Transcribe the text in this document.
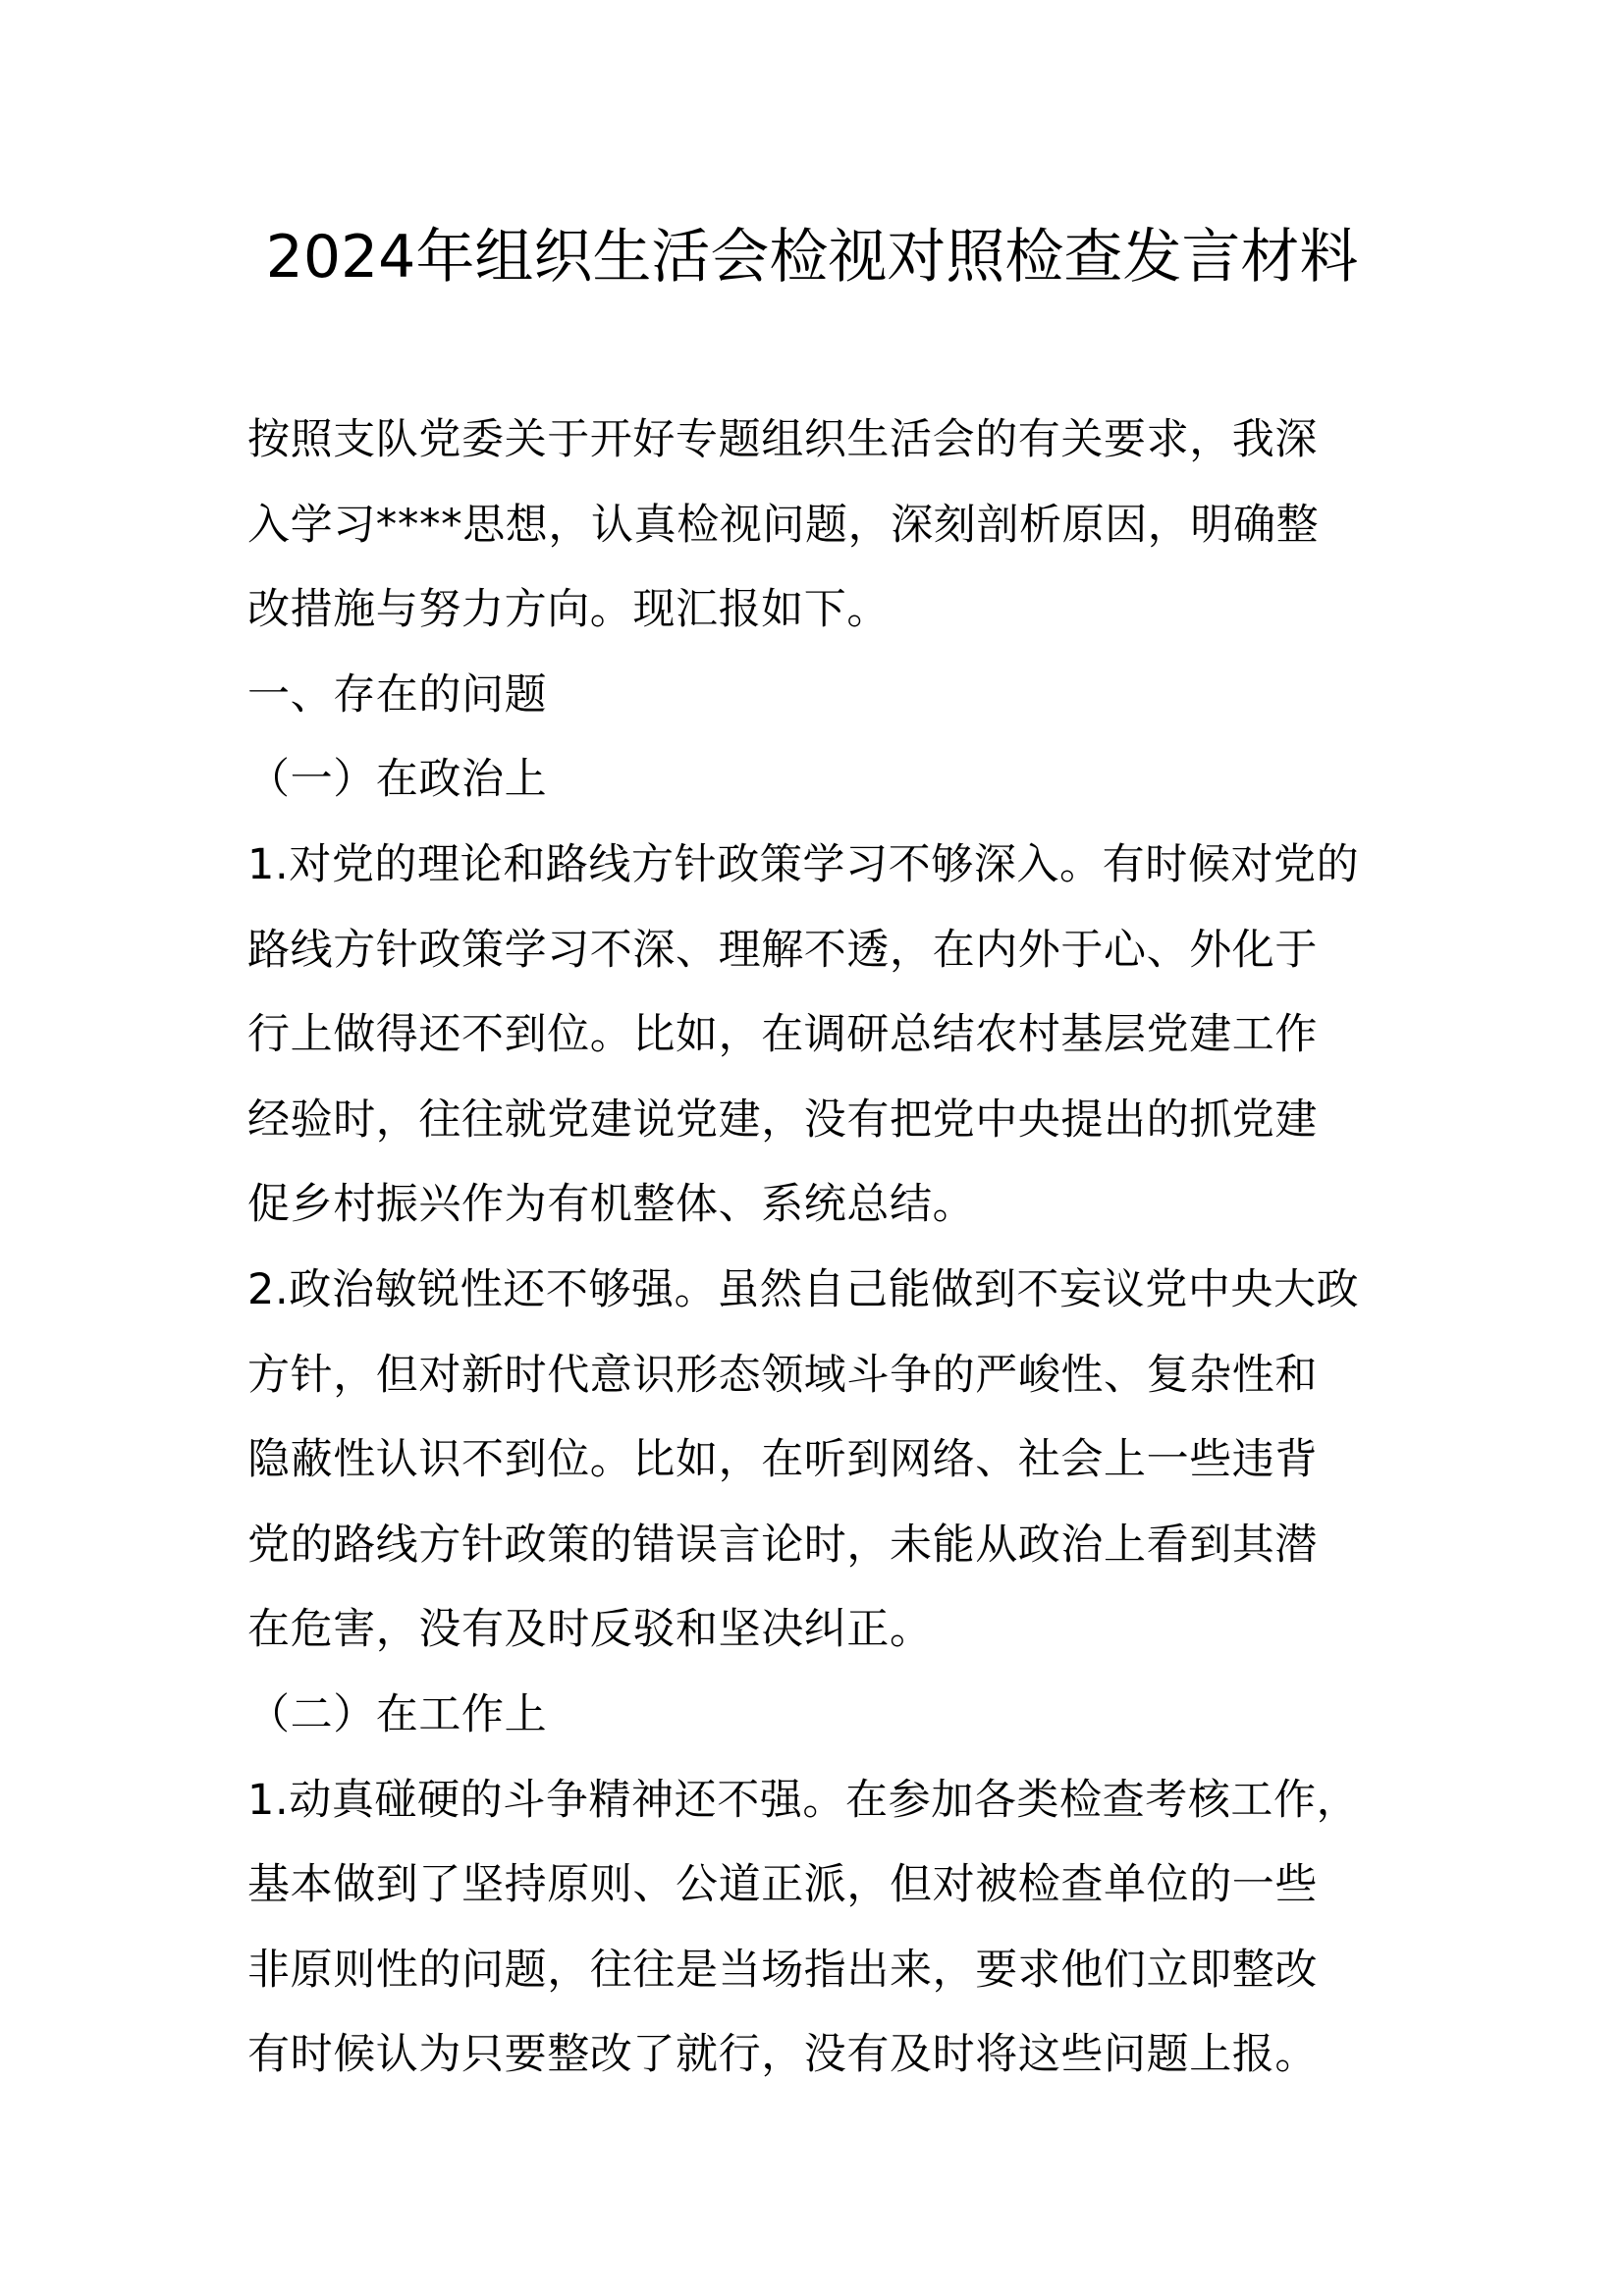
2024年组织生活会检视对照检查发言材料
按照支队党委关于开好专题组织生活会的有关要求，我深
入学习****思想，认真检视问题，深刻剖析原因，明确整
改措施与努力方向。现汇报如下。
一、存在的问题
（一）在政治上
1.对党的理论和路线方针政策学习不够深入。有时候对党的
路线方针政策学习不深、理解不透，在内外于心、外化于
行上做得还不到位。比如，在调研总结农村基层党建工作
经验时，往往就党建说党建，没有把党中央提出的抓党建
促乡村振兴作为有机整体、系统总结。
2.政治敏锐性还不够强。虽然自己能做到不妄议党中央大政
方针，但对新时代意识形态领域斗争的严峻性、复杂性和
隐蔽性认识不到位。比如，在听到网络、社会上一些违背
党的路线方针政策的错误言论时，未能从政治上看到其潜
在危害，没有及时反驳和坚决纠正。
（二）在工作上
1.动真碰硬的斗争精神还不强。在参加各类检查考核工作，
基本做到了坚持原则、公道正派，但对被检查单位的一些
非原则性的问题，往往是当场指出来，要求他们立即整改
有时候认为只要整改了就行，没有及时将这些问题上报。
